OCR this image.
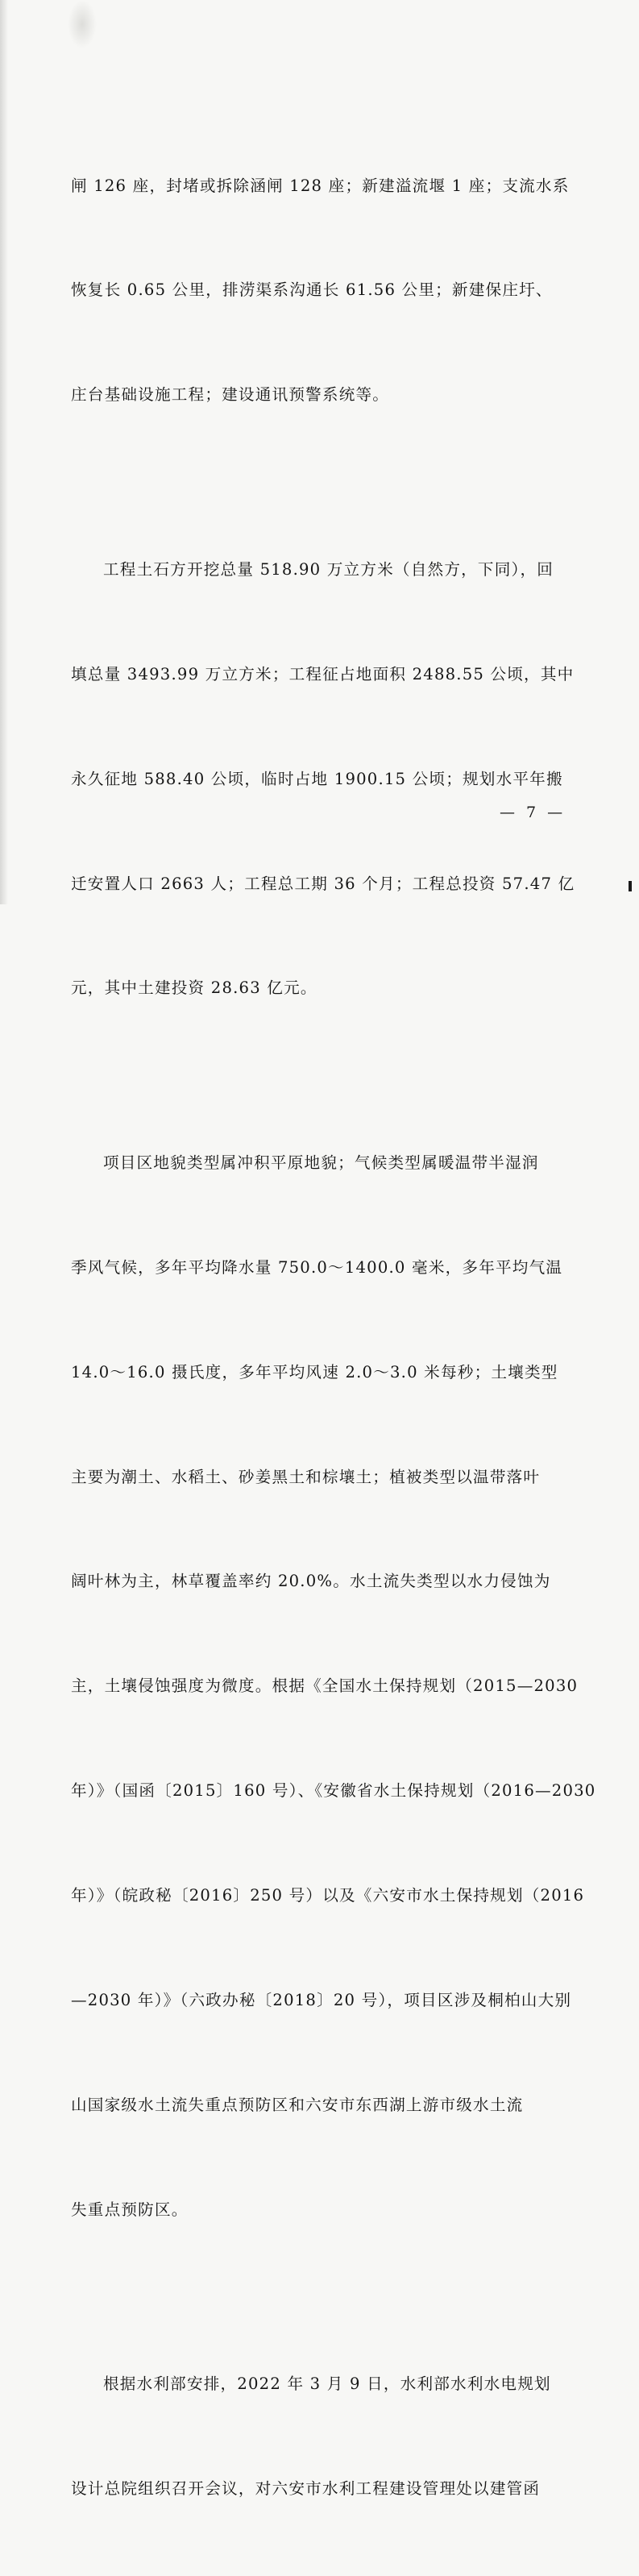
闸 126 座，封堵或拆除涵闸 128 座；新建溢流堰 1 座；支流水系

恢复长 0.65 公里，排涝渠系沟通长 61.56 公里；新建保庄圩、

庄台基础设施工程；建设通讯预警系统等。

工程土石方开挖总量 518.90 万立方米（自然方，下同），回

填总量 3493.99 万立方米；工程征占地面积 2488.55 公顷，其中

永久征地 588.40 公顷，临时占地 1900.15 公顷；规划水平年搬

迁安置人口 2663 人；工程总工期 36 个月；工程总投资 57.47 亿

元，其中土建投资 28.63 亿元。

项目区地貌类型属冲积平原地貌；气候类型属暖温带半湿润

季风气候，多年平均降水量 750.0～1400.0 毫米，多年平均气温

14.0～16.0 摄氏度，多年平均风速 2.0～3.0 米每秒；土壤类型

主要为潮土、水稻土、砂姜黑土和棕壤土；植被类型以温带落叶

阔叶林为主，林草覆盖率约 20.0%。水土流失类型以水力侵蚀为

主，土壤侵蚀强度为微度。根据《全国水土保持规划（2015—2030

年）》（国函〔2015〕160 号）、《安徽省水土保持规划（2016—2030

年）》（皖政秘〔2016〕250 号）以及《六安市水土保持规划（2016

—2030 年）》（六政办秘〔2018〕20 号），项目区涉及桐柏山大别

山国家级水土流失重点预防区和六安市东西湖上游市级水土流

失重点预防区。

根据水利部安排，2022 年 3 月 9 日，水利部水利水电规划

设计总院组织召开会议，对六安市水利工程建设管理处以建管函

— 7 —
